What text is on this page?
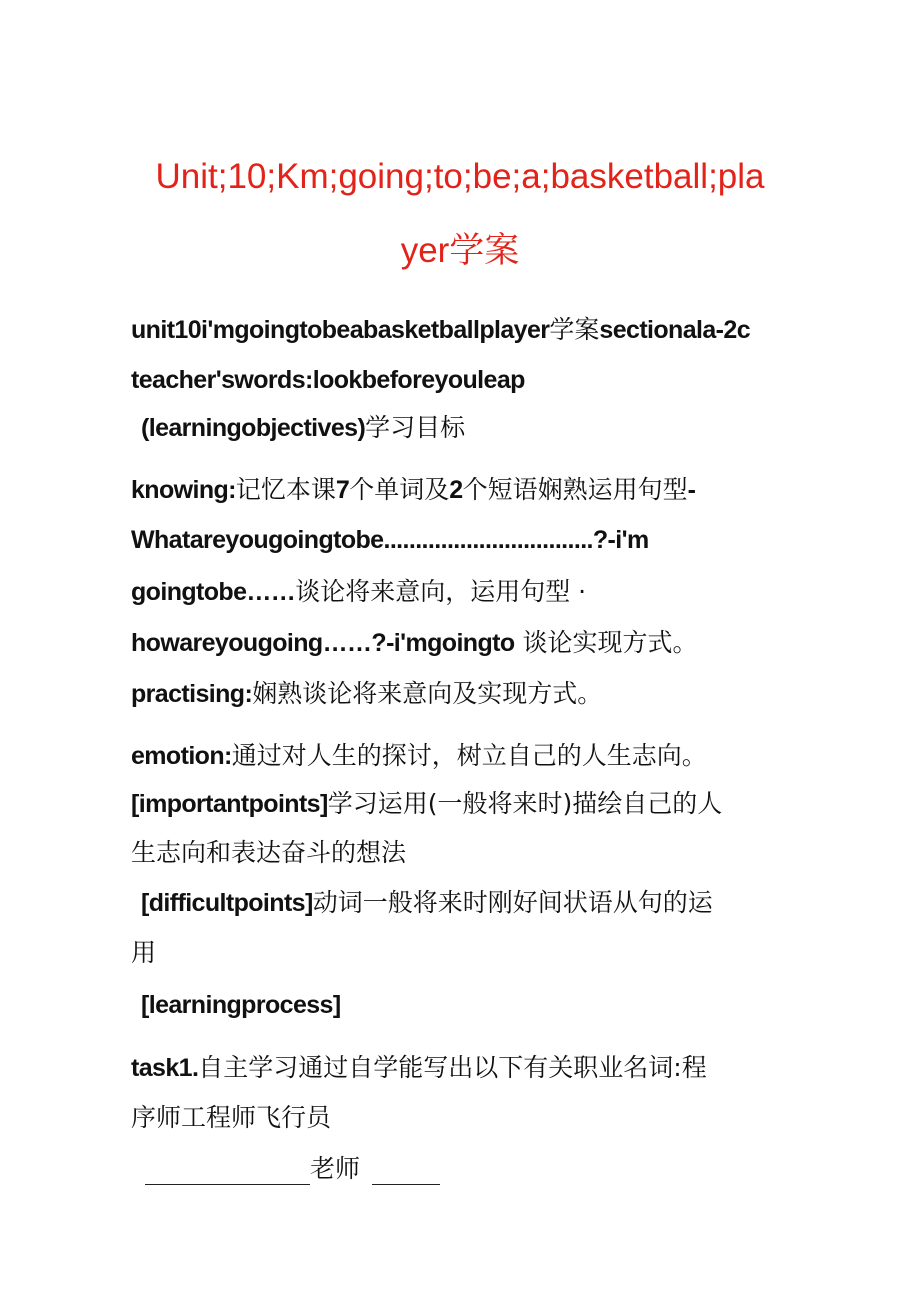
Unit;10;Km;going;to;be;a;basketball;pla
yer学案

unit10i'mgoingtobeabasketballplayer学案sectionala-2c

teacher'swords:lookbeforeyouleap

(learningobjectives)学习目标

knowing:记忆本课7个单词及2个短语娴熟运用句型-

Whatareyougoingtobe.................................?-i'm

goingtobe……谈论将来意向，运用句型 ·

howareyougoing……?-i'mgoingto 谈论实现方式。

practising:娴熟谈论将来意向及实现方式。

emotion:通过对人生的探讨，树立自己的人生志向。

[importantpoints]学习运用(一般将来时)描绘自己的人

生志向和表达奋斗的想法

[difficultpoints]动词一般将来时刚好间状语从句的运

用

[learningprocess]

task1.自主学习通过自学能写出以下有关职业名词:程

序师工程师飞行员

老师
